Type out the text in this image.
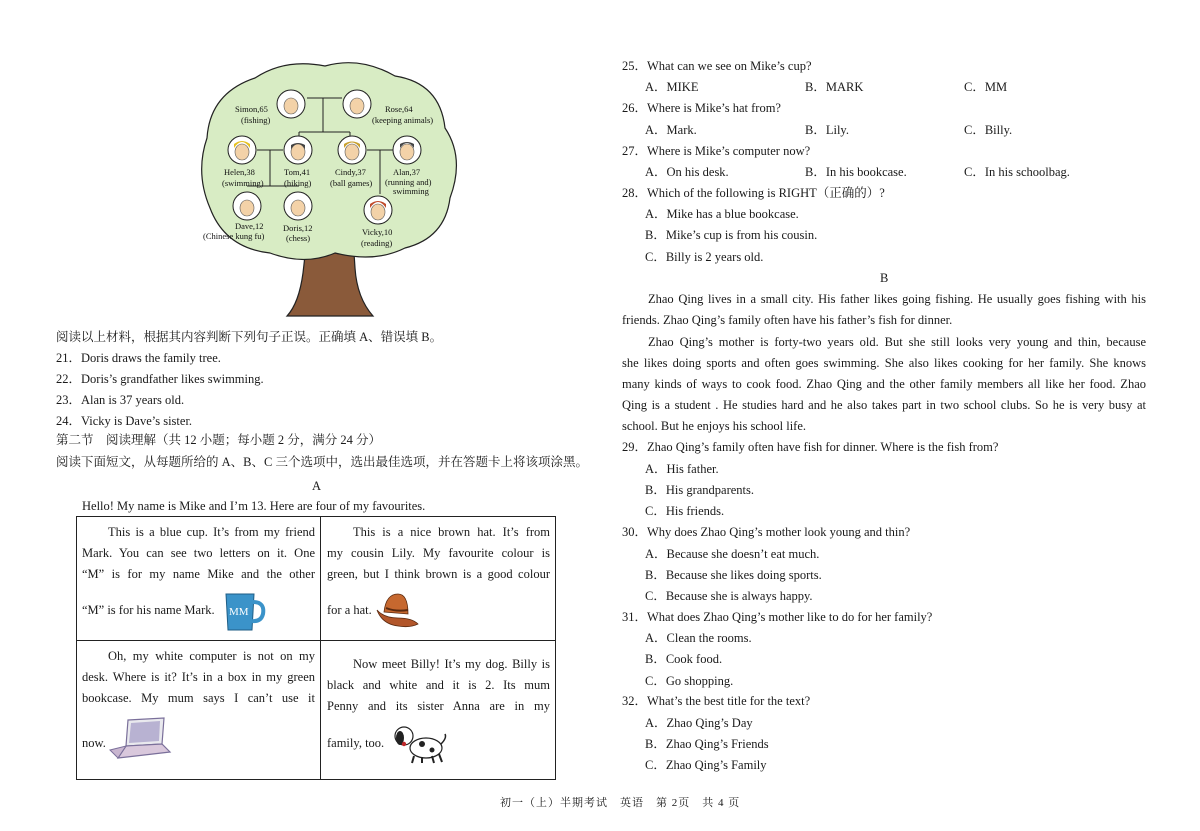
Simon,65
(fishing)
Rose,64
(keeping animals)
Helen,38
(swimming)
Tom,41
(hiking)
Cindy,37
(ball games)
Alan,37
(running and)
swimming
Dave,12
(Chinese kung fu)
Doris,12
(chess)
Vicky,10
(reading)
阅读以上材料，根据其内容判断下列句子正误。正确填 A、错误填 B。
21．Doris draws the family tree.
22．Doris’s grandfather likes swimming.
23．Alan is 37 years old.
24．Vicky is Dave’s sister.
第二节　阅读理解（共 12 小题；每小题 2 分，满分 24 分）
阅读下面短文，从每题所给的 A、B、C 三个选项中，选出最佳选项，并在答题卡上将该项涂黑。
A
Hello! My name is Mike and I’m 13. Here are four of my favourites.
This is a blue cup. It’s from my friend
Mark. You can see two letters on it. One
“M” is for my name Mike and the other
“M” is for his name Mark.	MM
This is a nice brown hat. It’s from
my cousin Lily. My favourite colour is
green, but I think brown is a good colour
for a hat.
Oh, my white computer is not on my
desk. Where is it? It’s in a box in my green
bookcase. My mum says I can’t use it
now.
Now meet Billy! It’s my dog. Billy is
black and white and it is 2. Its mum
Penny and its sister Anna are in my
family, too.
25．What can we see on Mike’s cup?
A．MIKE	B．MARK	C．MM
26．Where is Mike’s hat from?
A．Mark.	B．Lily.	C．Billy.
27．Where is Mike’s computer now?
A．On his desk.	B．In his bookcase.	C．In his schoolbag.
28．Which of the following is RIGHT（正确的）?
A．Mike has a blue bookcase.
B．Mike’s cup is from his cousin.
C．Billy is 2 years old.
B
Zhao Qing lives in a small city. His father likes going fishing. He usually goes fishing with his
friends. Zhao Qing’s family often have his father’s fish for dinner.
Zhao Qing’s mother is forty-two years old. But she still looks very young and thin, because
she likes doing sports and often goes swimming. She also likes cooking for her family. She knows
many kinds of ways to cook food. Zhao Qing and the other family members all like her food. Zhao
Qing is a student . He studies hard and he also takes part in two school clubs. So he is very busy at
school. But he enjoys his school life.
29．Zhao Qing’s family often have fish for dinner. Where is the fish from?
A．His father.
B．His grandparents.
C．His friends.
30．Why does Zhao Qing’s mother look young and thin?
A．Because she doesn’t eat much.
B．Because she likes doing sports.
C．Because she is always happy.
31．What does Zhao Qing’s mother like to do for her family?
A．Clean the rooms.
B．Cook food.
C．Go shopping.
32．What’s the best title for the text?
A．Zhao Qing’s Day
B．Zhao Qing’s Friends
C．Zhao Qing’s Family
初一（上）半期考试　英语　第 2页　共 4 页
